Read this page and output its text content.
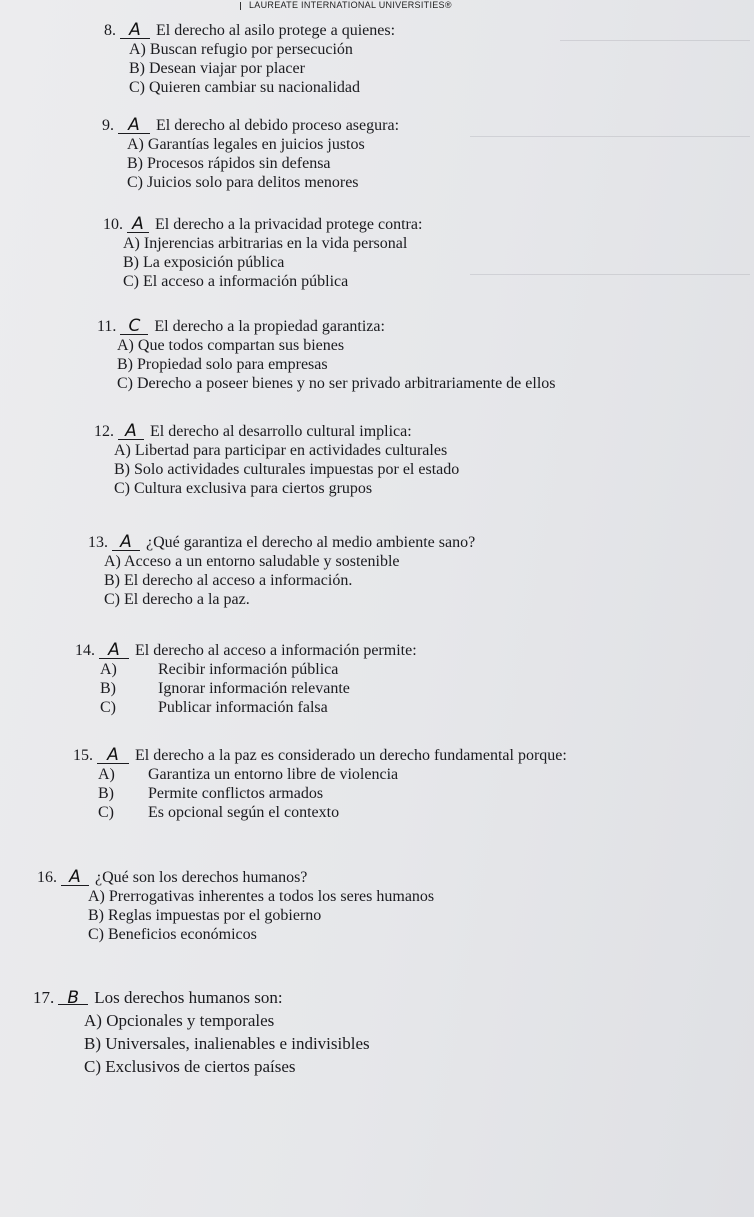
LAUREATE INTERNATIONAL UNIVERSITIES®
8. A El derecho al asilo protege a quienes:
A) Buscan refugio por persecución
B) Desean viajar por placer
C) Quieren cambiar su nacionalidad
9. A El derecho al debido proceso asegura:
A) Garantías legales en juicios justos
B) Procesos rápidos sin defensa
C) Juicios solo para delitos menores
10. A El derecho a la privacidad protege contra:
A) Injerencias arbitrarias en la vida personal
B) La exposición pública
C) El acceso a información pública
11. C El derecho a la propiedad garantiza:
A) Que todos compartan sus bienes
B) Propiedad solo para empresas
C) Derecho a poseer bienes y no ser privado arbitrariamente de ellos
12. A El derecho al desarrollo cultural implica:
A) Libertad para participar en actividades culturales
B) Solo actividades culturales impuestas por el estado
C) Cultura exclusiva para ciertos grupos
13. A ¿Qué garantiza el derecho al medio ambiente sano?
A) Acceso a un entorno saludable y sostenible
B) El derecho al acceso a información.
C) El derecho a la paz.
14. A El derecho al acceso a información permite:
A)	Recibir información pública
B)	Ignorar información relevante
C)	Publicar información falsa
15. A El derecho a la paz es considerado un derecho fundamental porque:
A) Garantiza un entorno libre de violencia
B) Permite conflictos armados
C) Es opcional según el contexto
16. A ¿Qué son los derechos humanos?
A) Prerrogativas inherentes a todos los seres humanos
B) Reglas impuestas por el gobierno
C) Beneficios económicos
17. B Los derechos humanos son:
A) Opcionales y temporales
B) Universales, inalienables e indivisibles
C) Exclusivos de ciertos países
